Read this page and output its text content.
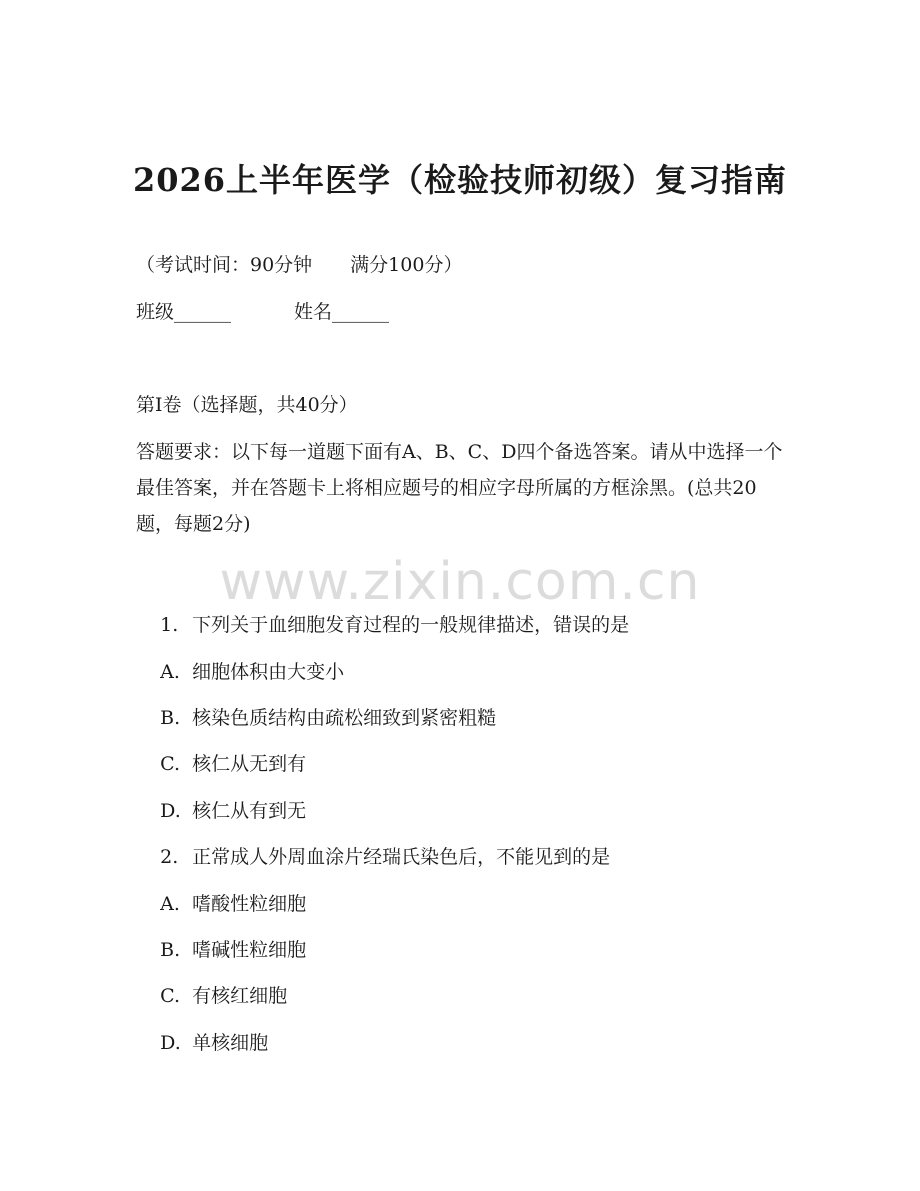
2026上半年医学（检验技师初级）复习指南
（考试时间：90分钟　　满分100分）
班级______	姓名______
第Ⅰ卷（选择题，共40分）
答题要求：以下每一道题下面有A、B、C、D四个备选答案。请从中选择一个最佳答案，并在答题卡上将相应题号的相应字母所属的方框涂黑。(总共20题，每题2分)
www.zixin.com.cn

1. 下列关于血细胞发育过程的一般规律描述，错误的是

A. 细胞体积由大变小

B. 核染色质结构由疏松细致到紧密粗糙

C. 核仁从无到有

D. 核仁从有到无

2. 正常成人外周血涂片经瑞氏染色后，不能见到的是

A. 嗜酸性粒细胞

B. 嗜碱性粒细胞

C. 有核红细胞

D. 单核细胞
